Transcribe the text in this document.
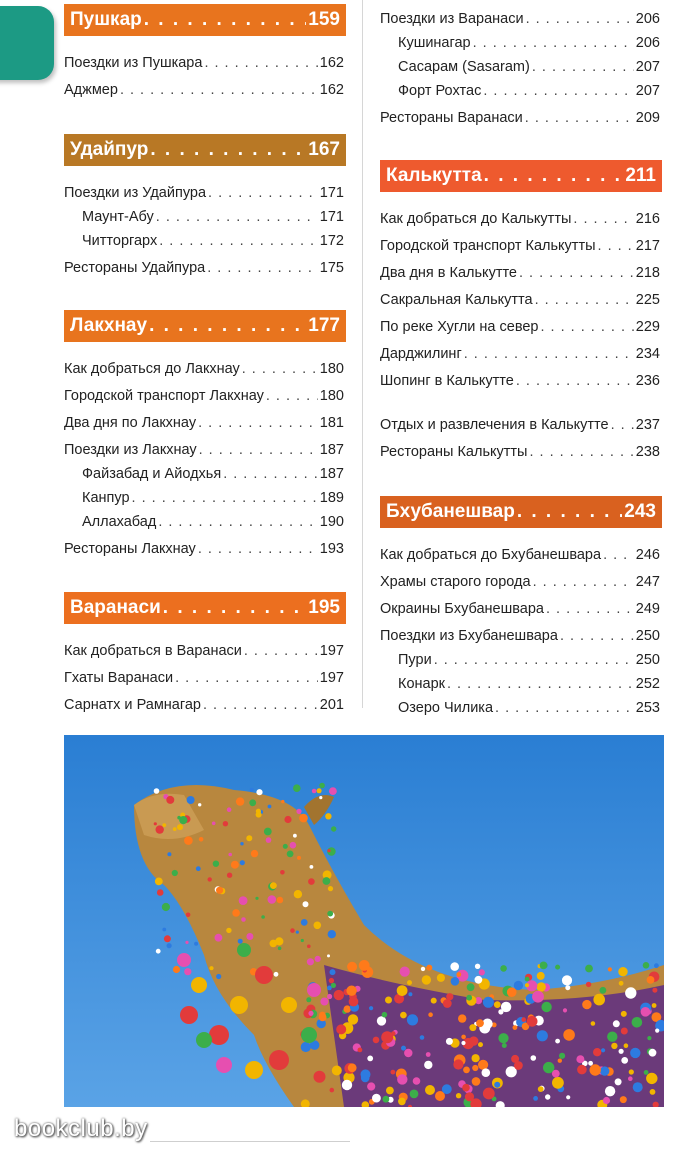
Пушкар . . .	159
Поездки из Пушкара . . .	162
Аджмер . . .	162
Удайпур . . .	167
Поездки из Удайпура . . .	171
Маунт-Абу . . .	171
Читторгарх . . .	172
Рестораны Удайпура . . .	175
Лакхнау . . .	177
Как добраться до Лакхнау . . .	180
Городской транспорт Лакхнау . . .	180
Два дня по Лакхнау . . .	181
Поездки из Лакхнау . . .	187
Файзабад и Айодхья . . .	187
Канпур . . .	189
Аллахабад . . .	190
Рестораны Лакхнау . . .	193
Варанаси . . .	195
Как добраться в Варанаси . . .	197
Гхаты Варанаси . . .	197
Сарнатх и Рамнагар . . .	201
Поездки из Варанаси . . .	206
Кушинагар . . .	206
Сасарам (Sasaram) . . .	207
Форт Рохтас . . .	207
Рестораны Варанаси . . .	209
Калькутта . . .	211
Как добраться до Калькутты . . .	216
Городской транспорт Калькутты . . .	217
Два дня в Калькутте . . .	218
Сакральная Калькутта . . .	225
По реке Хугли на север . . .	229
Дарджилинг . . .	234
Шопинг в Калькутте . . .	236
Отдых и развлечения в Калькутте . . . 237
Рестораны Калькутты . . .	238
Бхубанешвар . . .	243
Как добраться до Бхубанешвара . . . 246
Храмы старого города . . .	247
Окраины Бхубанешвара . . .	249
Поездки из Бхубанешвара . . .	250
Пури . . .	250
Конарк . . .	252
Озеро Чилика . . .	253
bookclub.by
